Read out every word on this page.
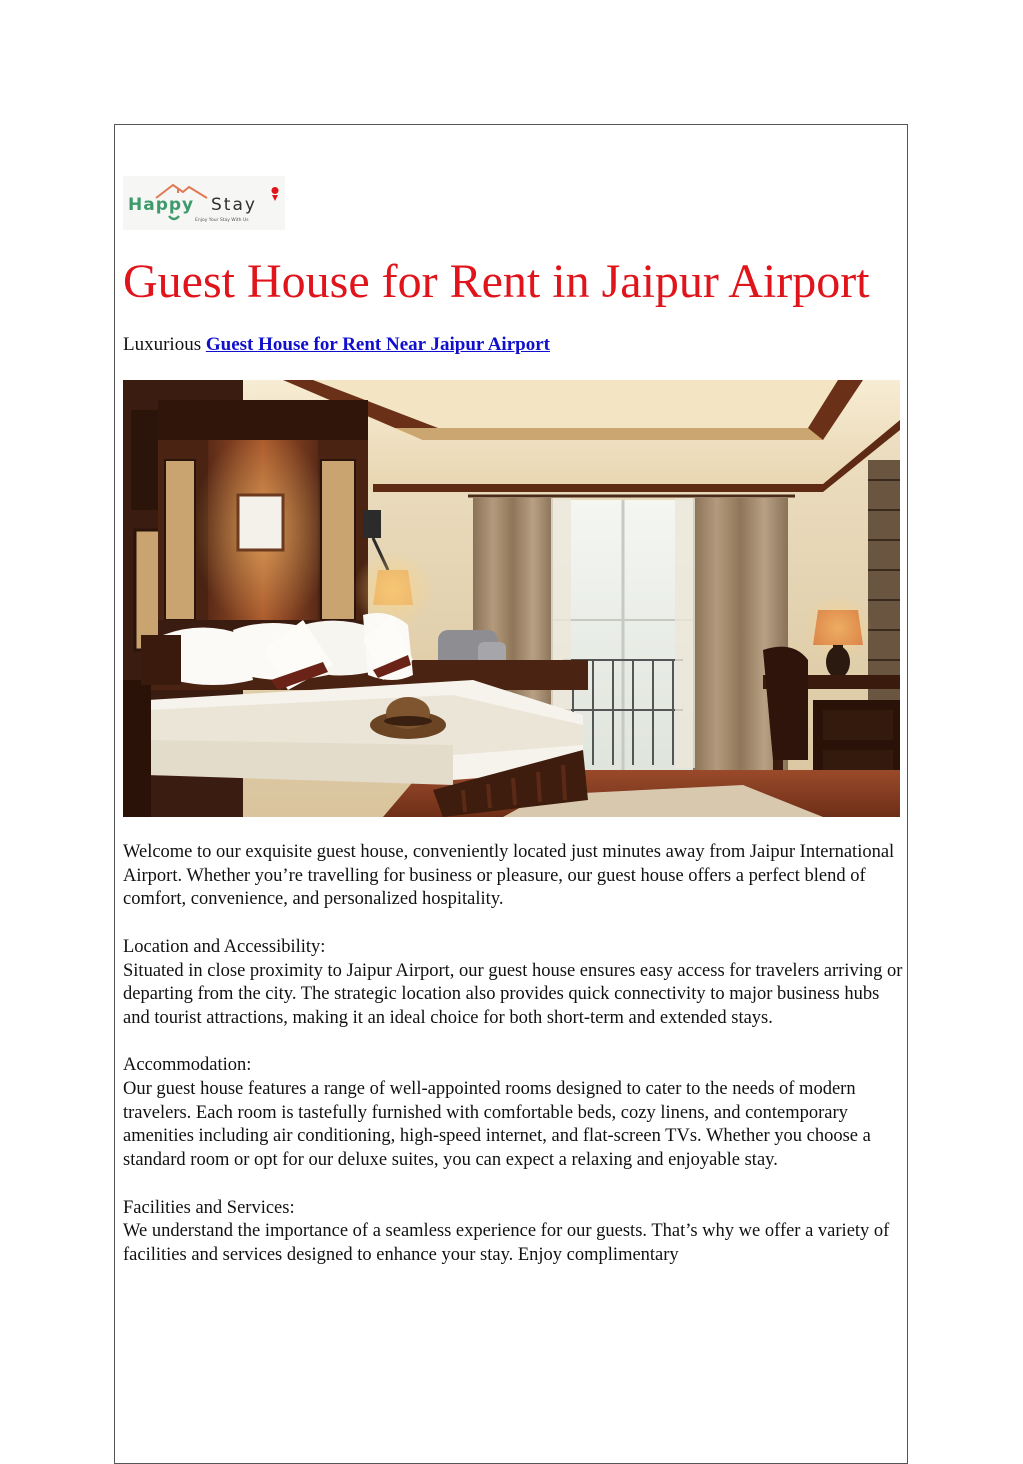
Happy Stay
Enjoy Your Stay With Us
Guest House for Rent in Jaipur Airport
Luxurious Guest House for Rent Near Jaipur Airport

Welcome to our exquisite guest house, conveniently located just minutes away from Jaipur International Airport. Whether you’re travelling for business or pleasure, our guest house offers a perfect blend of comfort, convenience, and personalized hospitality.

Location and Accessibility:
Situated in close proximity to Jaipur Airport, our guest house ensures easy access for travelers arriving or departing from the city. The strategic location also provides quick connectivity to major business hubs and tourist attractions, making it an ideal choice for both short-term and extended stays.

Accommodation:
Our guest house features a range of well-appointed rooms designed to cater to the needs of modern travelers. Each room is tastefully furnished with comfortable beds, cozy linens, and contemporary amenities including air conditioning, high-speed internet, and flat-screen TVs. Whether you choose a standard room or opt for our deluxe suites, you can expect a relaxing and enjoyable stay.

Facilities and Services:
We understand the importance of a seamless experience for our guests. That’s why we offer a variety of facilities and services designed to enhance your stay. Enjoy complimentary
